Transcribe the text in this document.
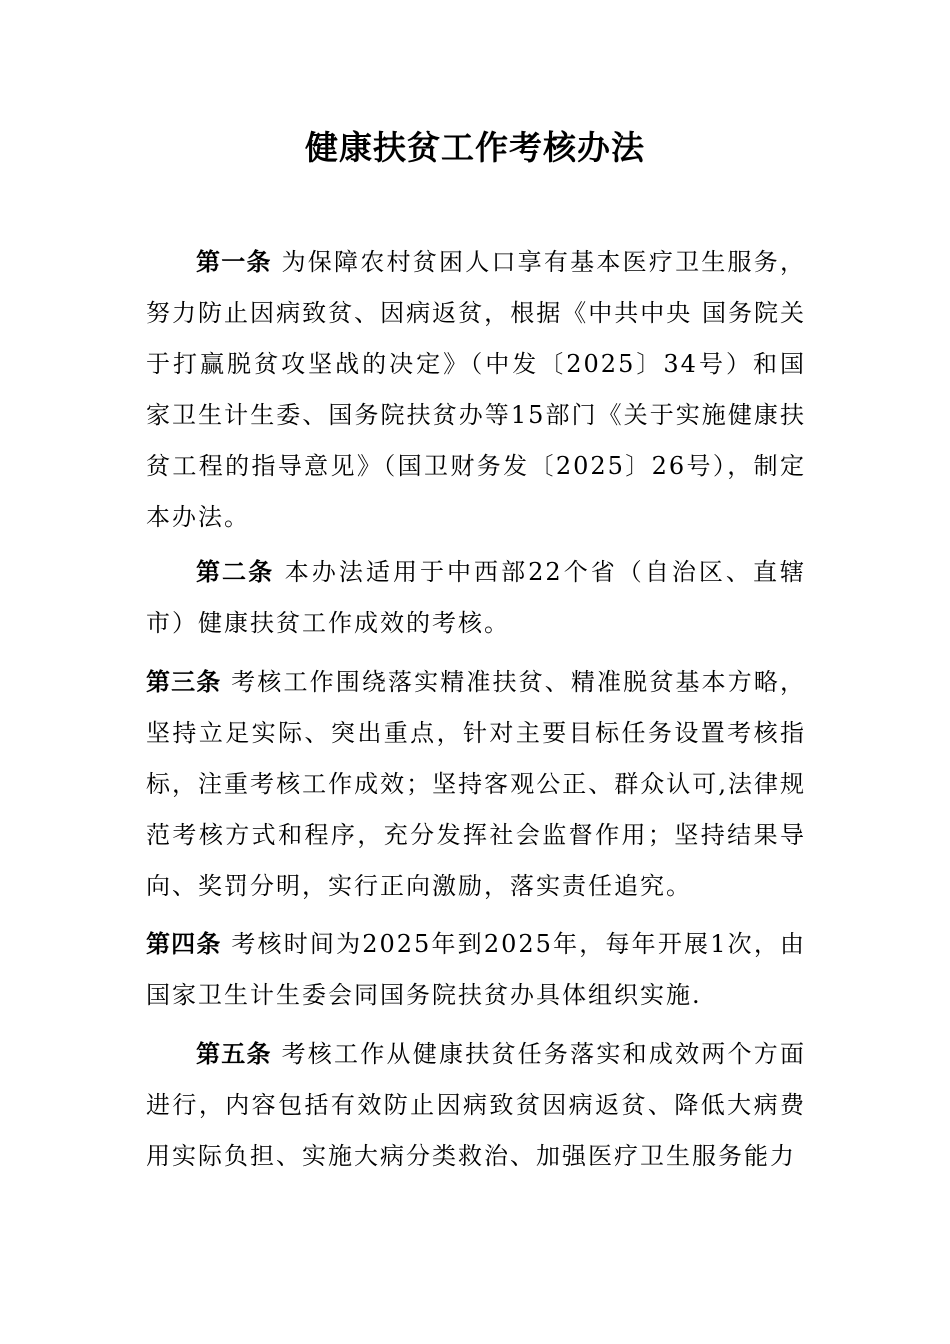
健康扶贫工作考核办法

第一条 为保障农村贫困人口享有基本医疗卫生服务，努力防止因病致贫、因病返贫，根据《中共中央 国务院关于打赢脱贫攻坚战的决定》（中发〔2025〕34号）和国家卫生计生委、国务院扶贫办等15部门《关于实施健康扶贫工程的指导意见》（国卫财务发〔2025〕26号），制定本办法。

第二条 本办法适用于中西部22个省（自治区、直辖市）健康扶贫工作成效的考核。

第三条 考核工作围绕落实精准扶贫、精准脱贫基本方略，坚持立足实际、突出重点，针对主要目标任务设置考核指标，注重考核工作成效；坚持客观公正、群众认可,法律规范考核方式和程序，充分发挥社会监督作用；坚持结果导向、奖罚分明，实行正向激励，落实责任追究。

第四条 考核时间为2025年到2025年，每年开展1次，由国家卫生计生委会同国务院扶贫办具体组织实施.

第五条 考核工作从健康扶贫任务落实和成效两个方面进行，内容包括有效防止因病致贫因病返贫、降低大病费用实际负担、实施大病分类救治、加强医疗卫生服务能力
